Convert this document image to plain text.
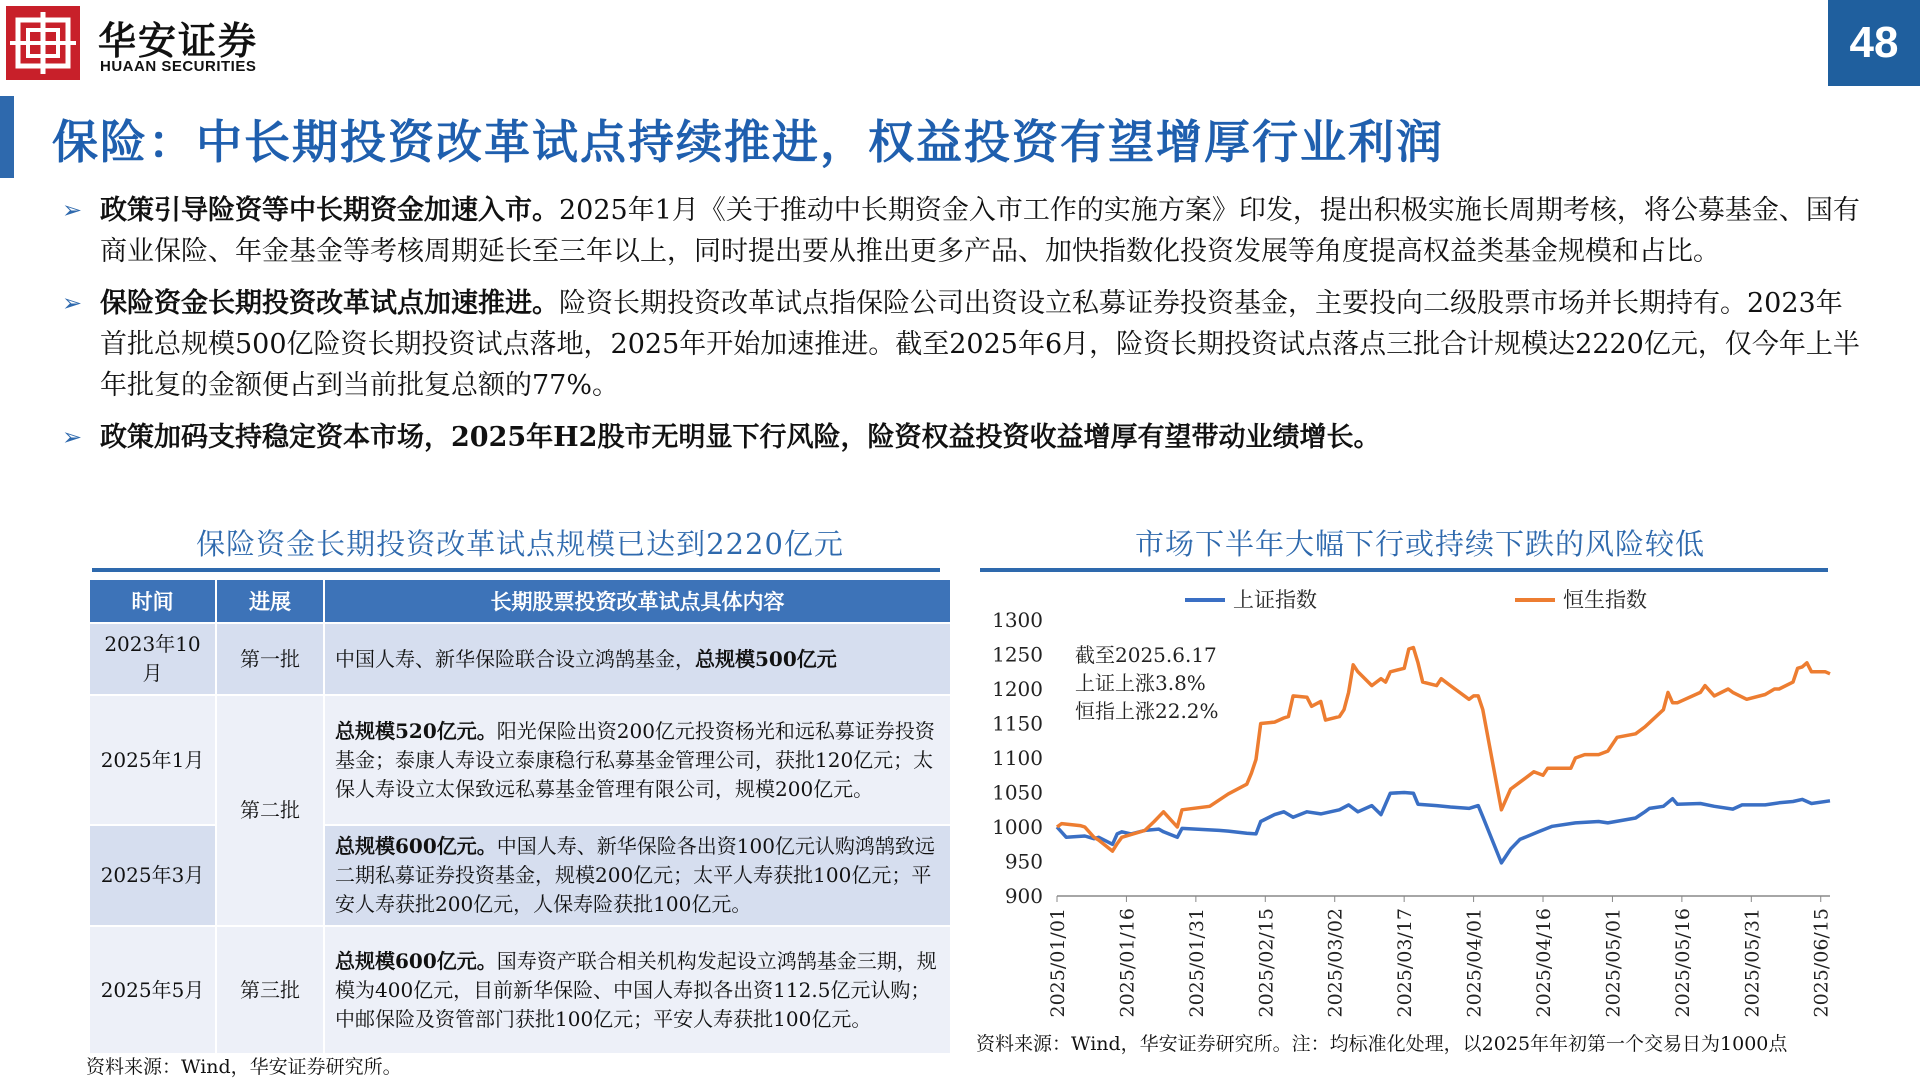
华安证券
HUAAN SECURITIES	48
保险：中长期投资改革试点持续推进，权益投资有望增厚行业利润
➢ 政策引导险资等中长期资金加速入市。2025年1月《关于推动中长期资金入市工作的实施方案》印发，提出积极实施长周期考核，将公募基金、国有商业保险、年金基金等考核周期延长至三年以上，同时提出要从推出更多产品、加快指数化投资发展等角度提高权益类基金规模和占比。
➢ 保险资金长期投资改革试点加速推进。险资长期投资改革试点指保险公司出资设立私募证券投资基金，主要投向二级股票市场并长期持有。2023年首批总规模500亿险资长期投资试点落地，2025年开始加速推进。截至2025年6月，险资长期投资试点落点三批合计规模达2220亿元，仅今年上半年批复的金额便占到当前批复总额的77%。
➢ 政策加码支持稳定资本市场，2025年H2股市无明显下行风险，险资权益投资收益增厚有望带动业绩增长。
保险资金长期投资改革试点规模已达到2220亿元
时间	进展	长期股票投资改革试点具体内容
2023年10月	第一批	中国人寿、新华保险联合设立鸿鹄基金，总规模500亿元
2025年1月	第二批	总规模520亿元。阳光保险出资200亿元投资杨光和远私募证券投资基金；泰康人寿设立泰康稳行私募基金管理公司，获批120亿元；太保人寿设立太保致远私募基金管理有限公司，规模200亿元。
2025年3月		总规模600亿元。中国人寿、新华保险各出资100亿元认购鸿鹄致远二期私募证券投资基金，规模200亿元；太平人寿获批100亿元；平安人寿获批200亿元，人保寿险获批100亿元。
2025年5月	第三批	总规模600亿元。国寿资产联合相关机构发起设立鸿鹄基金三期，规模为400亿元，目前新华保险、中国人寿拟各出资112.5亿元认购；中邮保险及资管部门获批100亿元；平安人寿获批100亿元。
资料来源：Wind，华安证券研究所。
市场下半年大幅下行或持续下跌的风险较低
上证指数	恒生指数
900
950
1000
1050
1100
1150
1200
1250
1300
2025/01/01 2025/01/16 2025/01/31 2025/02/15 2025/03/02 2025/03/17 2025/04/01 2025/04/16 2025/05/01 2025/05/16 2025/05/31 2025/06/15
截至2025.6.17
上证上涨3.8%
恒指上涨22.2%
资料来源：Wind，华安证券研究所。注：均标准化处理，以2025年年初第一个交易日为1000点
